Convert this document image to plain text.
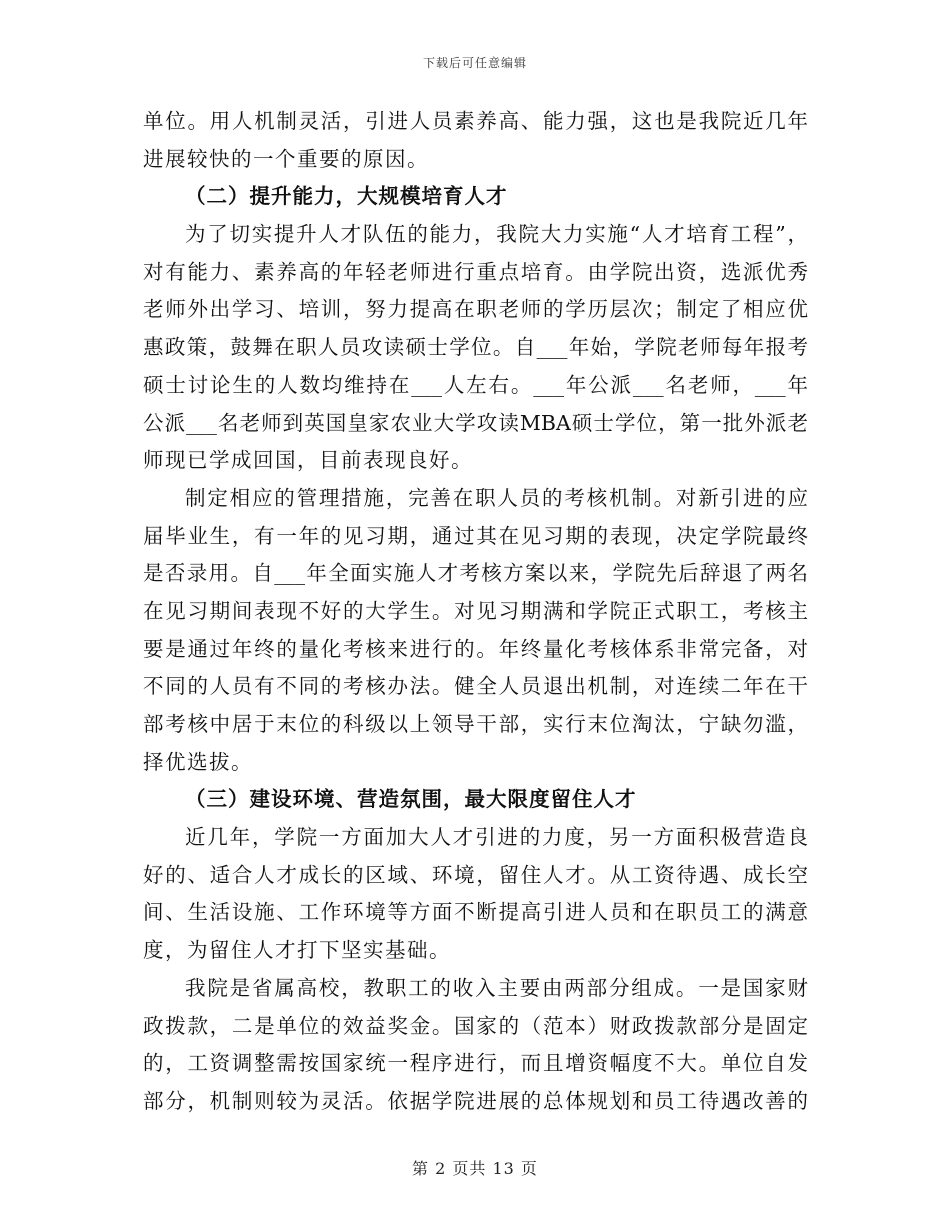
下载后可任意编辑
单位。用人机制灵活，引进人员素养高、能力强，这也是我院近几年
进展较快的一个重要的原因。
（二）提升能力，大规模培育人才
为了切实提升人才队伍的能力，我院大力实施“人才培育工程”，
对有能力、素养高的年轻老师进行重点培育。由学院出资，选派优秀
老师外出学习、培训，努力提高在职老师的学历层次；制定了相应优
惠政策，鼓舞在职人员攻读硕士学位。自___年始，学院老师每年报考
硕士讨论生的人数均维持在___人左右。___年公派___名老师，___年
公派___名老师到英国皇家农业大学攻读MBA硕士学位，第一批外派老
师现已学成回国，目前表现良好。
制定相应的管理措施，完善在职人员的考核机制。对新引进的应
届毕业生，有一年的见习期，通过其在见习期的表现，决定学院最终
是否录用。自___年全面实施人才考核方案以来，学院先后辞退了两名
在见习期间表现不好的大学生。对见习期满和学院正式职工，考核主
要是通过年终的量化考核来进行的。年终量化考核体系非常完备，对
不同的人员有不同的考核办法。健全人员退出机制，对连续二年在干
部考核中居于末位的科级以上领导干部，实行末位淘汰，宁缺勿滥，
择优选拔。
（三）建设环境、营造氛围，最大限度留住人才
近几年，学院一方面加大人才引进的力度，另一方面积极营造良
好的、适合人才成长的区域、环境，留住人才。从工资待遇、成长空
间、生活设施、工作环境等方面不断提高引进人员和在职员工的满意
度，为留住人才打下坚实基础。
我院是省属高校，教职工的收入主要由两部分组成。一是国家财
政拨款，二是单位的效益奖金。国家的（范本）财政拨款部分是固定
的，工资调整需按国家统一程序进行，而且增资幅度不大。单位自发
部分，机制则较为灵活。依据学院进展的总体规划和员工待遇改善的
第 2 页共 13 页
